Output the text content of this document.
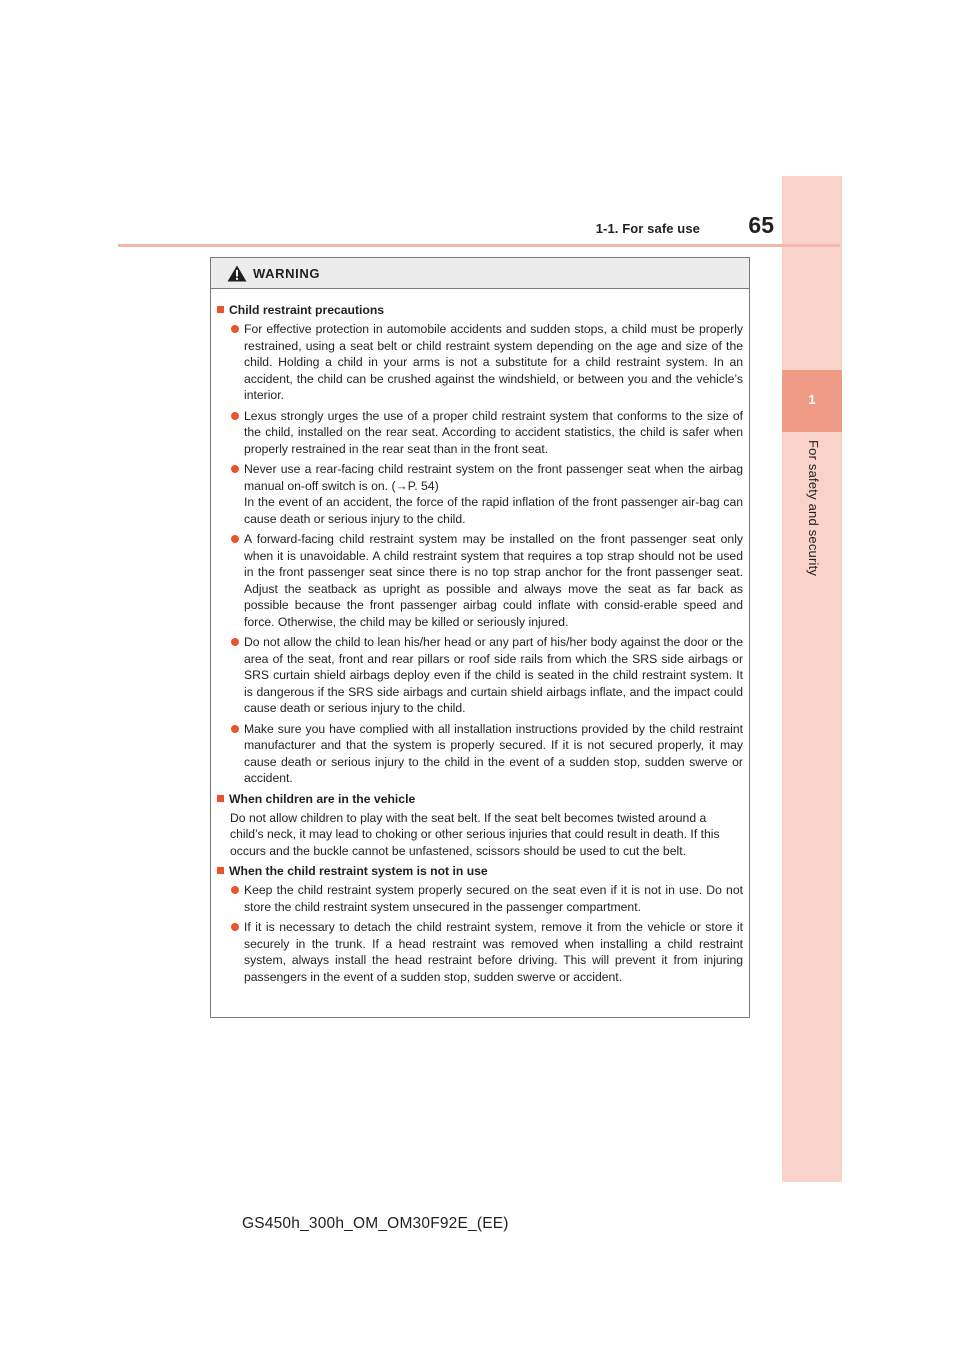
1
For safety and security
1-1. For safe use	65
WARNING
Child restraint precautions
For effective protection in automobile accidents and sudden stops, a child must be properly restrained, using a seat belt or child restraint system depending on the age and size of the child. Holding a child in your arms is not a substitute for a child restraint system. In an accident, the child can be crushed against the windshield, or between you and the vehicle’s interior.
Lexus strongly urges the use of a proper child restraint system that conforms to the size of the child, installed on the rear seat. According to accident statistics, the child is safer when properly restrained in the rear seat than in the front seat.
Never use a rear-facing child restraint system on the front passenger seat when the airbag manual on-off switch is on. (→P. 54)
In the event of an accident, the force of the rapid inflation of the front passenger air-bag can cause death or serious injury to the child.
A forward-facing child restraint system may be installed on the front passenger seat only when it is unavoidable. A child restraint system that requires a top strap should not be used in the front passenger seat since there is no top strap anchor for the front passenger seat. Adjust the seatback as upright as possible and always move the seat as far back as possible because the front passenger airbag could inflate with consid-erable speed and force. Otherwise, the child may be killed or seriously injured.
Do not allow the child to lean his/her head or any part of his/her body against the door or the area of the seat, front and rear pillars or roof side rails from which the SRS side airbags or SRS curtain shield airbags deploy even if the child is seated in the child restraint system. It is dangerous if the SRS side airbags and curtain shield airbags inflate, and the impact could cause death or serious injury to the child.
Make sure you have complied with all installation instructions provided by the child restraint manufacturer and that the system is properly secured. If it is not secured properly, it may cause death or serious injury to the child in the event of a sudden stop, sudden swerve or accident.
When children are in the vehicle
Do not allow children to play with the seat belt. If the seat belt becomes twisted around a child’s neck, it may lead to choking or other serious injuries that could result in death. If this occurs and the buckle cannot be unfastened, scissors should be used to cut the belt.
When the child restraint system is not in use
Keep the child restraint system properly secured on the seat even if it is not in use. Do not store the child restraint system unsecured in the passenger compartment.
If it is necessary to detach the child restraint system, remove it from the vehicle or store it securely in the trunk. If a head restraint was removed when installing a child restraint system, always install the head restraint before driving. This will prevent it from injuring passengers in the event of a sudden stop, sudden swerve or accident.
GS450h_300h_OM_OM30F92E_(EE)
